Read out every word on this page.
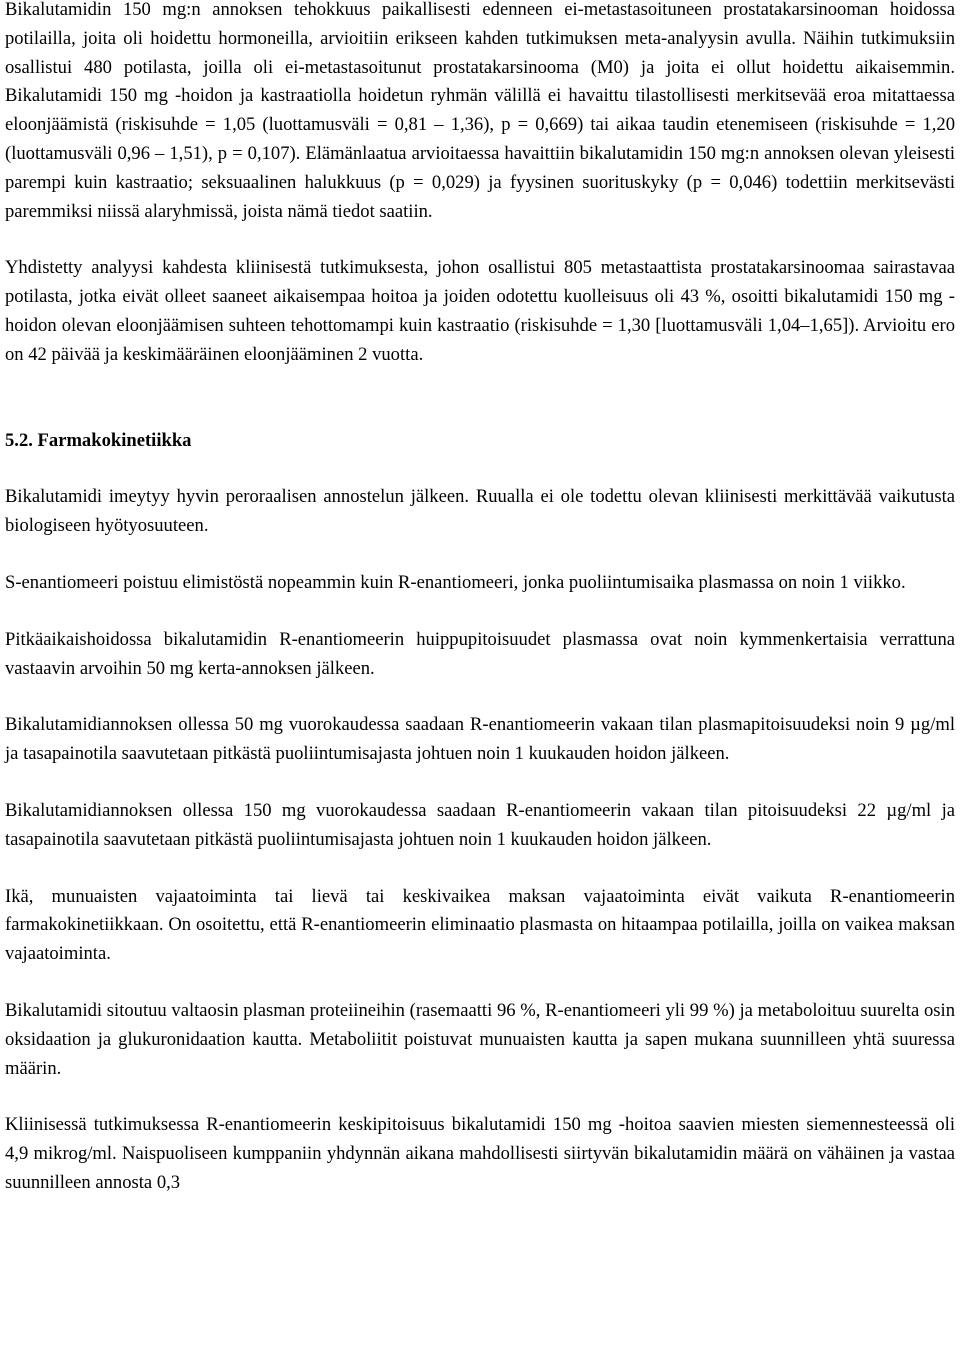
Bikalutamidin 150 mg:n annoksen tehokkuus paikallisesti edenneen ei-metastasoituneen prostatakarsinooman hoidossa potilailla, joita oli hoidettu hormoneilla, arvioitiin erikseen kahden tutkimuksen meta-analyysin avulla. Näihin tutkimuksiin osallistui 480 potilasta, joilla oli ei-metastasoitunut prostatakarsinooma (M0) ja joita ei ollut hoidettu aikaisemmin. Bikalutamidi 150 mg -hoidon ja kastraatiolla hoidetun ryhmän välillä ei havaittu tilastollisesti merkitsevää eroa mitattaessa eloonjäämistä (riskisuhde = 1,05 (luottamusväli = 0,81 – 1,36), p = 0,669) tai aikaa taudin etenemiseen (riskisuhde = 1,20 (luottamusväli 0,96 – 1,51), p = 0,107). Elämänlaatua arvioitaessa havaittiin bikalutamidin 150 mg:n annoksen olevan yleisesti parempi kuin kastraatio; seksuaalinen halukkuus (p = 0,029) ja fyysinen suorituskyky (p = 0,046) todettiin merkitsevästi paremmiksi niissä alaryhmissä, joista nämä tiedot saatiin.

Yhdistetty analyysi kahdesta kliinisestä tutkimuksesta, johon osallistui 805 metastaattista prostatakarsinoomaa sairastavaa potilasta, jotka eivät olleet saaneet aikaisempaa hoitoa ja joiden odotettu kuolleisuus oli 43 %, osoitti bikalutamidi 150 mg -hoidon olevan eloonjäämisen suhteen tehottomampi kuin kastraatio (riskisuhde = 1,30 [luottamusväli 1,04–1,65]). Arvioitu ero on 42 päivää ja keskimääräinen eloonjääminen 2 vuotta.

5.2. Farmakokinetiikka

Bikalutamidi imeytyy hyvin peroraalisen annostelun jälkeen. Ruualla ei ole todettu olevan kliinisesti merkittävää vaikutusta biologiseen hyötyosuuteen.

S-enantiomeeri poistuu elimistöstä nopeammin kuin R-enantiomeeri, jonka puoliintumisaika plasmassa on noin 1 viikko.

Pitkäaikaishoidossa bikalutamidin R-enantiomeerin huippupitoisuudet plasmassa ovat noin kymmenkertaisia verrattuna vastaavin arvoihin 50 mg kerta-annoksen jälkeen.

Bikalutamidiannoksen ollessa 50 mg vuorokaudessa saadaan R-enantiomeerin vakaan tilan plasmapitoisuudeksi noin 9 µg/ml ja tasapainotila saavutetaan pitkästä puoliintumisajasta johtuen noin 1 kuukauden hoidon jälkeen.

Bikalutamidiannoksen ollessa 150 mg vuorokaudessa saadaan R-enantiomeerin vakaan tilan pitoisuudeksi 22 µg/ml ja tasapainotila saavutetaan pitkästä puoliintumisajasta johtuen noin 1 kuukauden hoidon jälkeen.

Ikä, munuaisten vajaatoiminta tai lievä tai keskivaikea maksan vajaatoiminta eivät vaikuta R-enantiomeerin farmakokinetiikkaan. On osoitettu, että R-enantiomeerin eliminaatio plasmasta on hitaampaa potilailla, joilla on vaikea maksan vajaatoiminta.

Bikalutamidi sitoutuu valtaosin plasman proteiineihin (rasemaatti 96 %, R-enantiomeeri yli 99 %) ja metaboloituu suurelta osin oksidaation ja glukuronidaation kautta. Metaboliitit poistuvat munuaisten kautta ja sapen mukana suunnilleen yhtä suuressa määrin.

Kliinisessä tutkimuksessa R-enantiomeerin keskipitoisuus bikalutamidi 150 mg -hoitoa saavien miesten siemennesteessä oli 4,9 mikrog/ml. Naispuoliseen kumppaniin yhdynnän aikana mahdollisesti siirtyvän bikalutamidin määrä on vähäinen ja vastaa suunnilleen annosta 0,3
